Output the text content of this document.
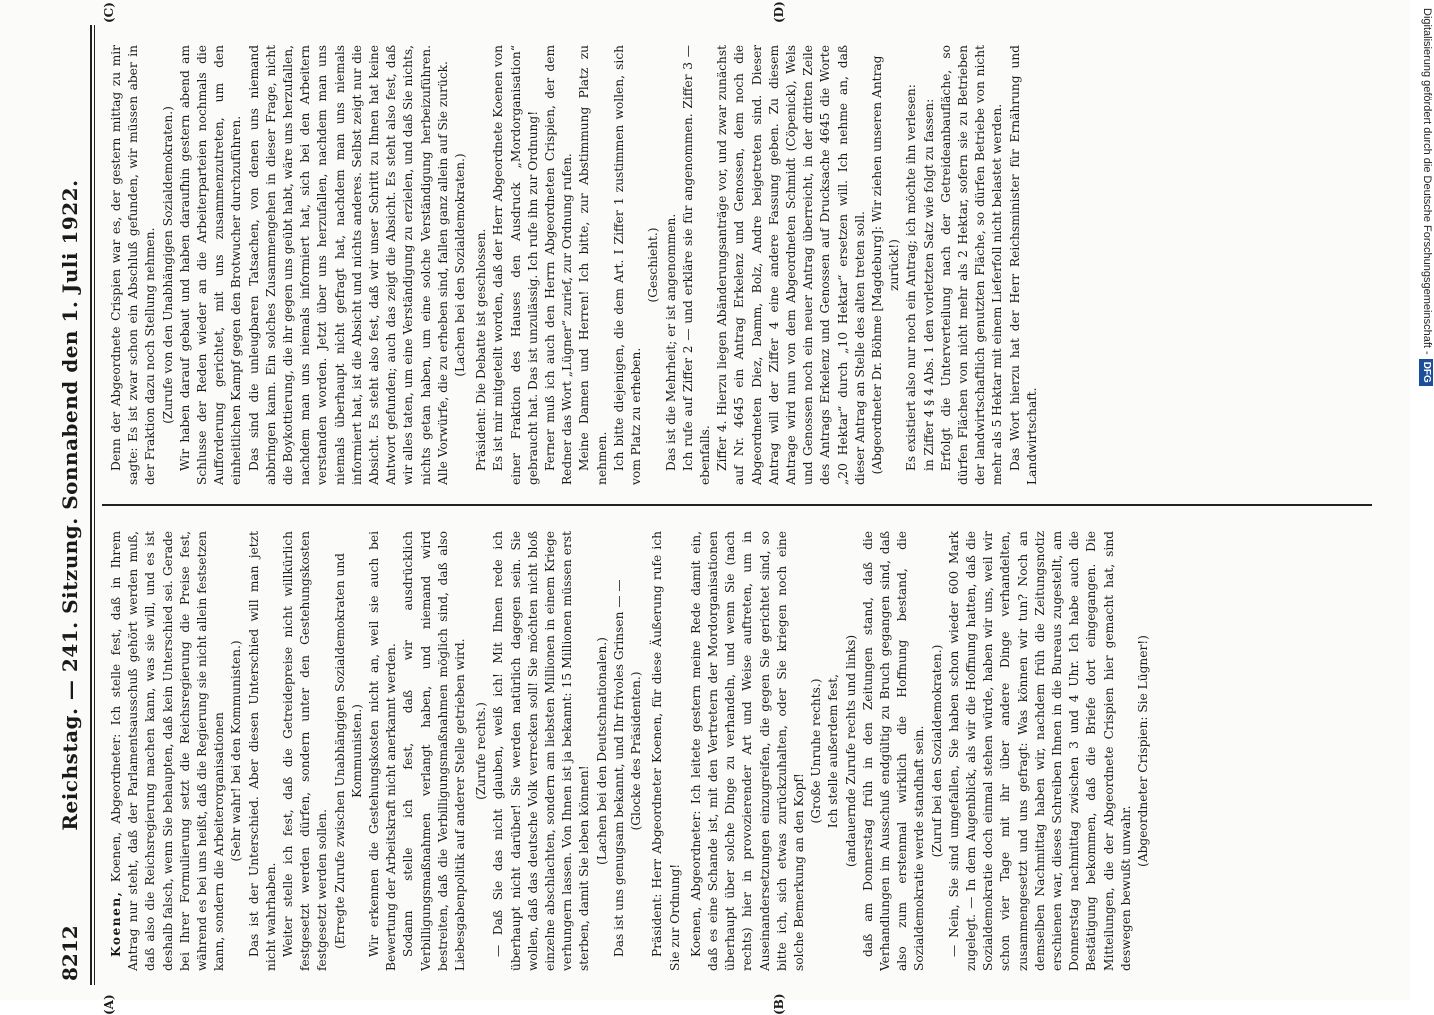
8212
Reichstag. — 241. Sitzung. Sonnabend den 1. Juli 1922.

Koenen, Koenen, Abgeordneter: Ich stelle fest, daß in Ihrem Antrag nur steht, daß der Parlamentsausschuß gehört werden muß, daß also die Reichsregierung machen kann, was sie will, und es ist deshalb falsch, wenn Sie behaupten, daß kein Unterschied sei. Gerade bei Ihrer Formulierung setzt die Reichsregierung die Preise fest, während es bei uns heißt, daß die Regierung sie nicht allein festsetzen kann, sondern die Arbeiterorganisationen (Sehr wahr! bei den Kommunisten.) Das ist der Unterschied. Aber diesen Unterschied will man jetzt nicht wahrhaben. Weiter stelle ich fest, daß die Getreidepreise nicht willkürlich festgesetzt werden dürfen, sondern unter den Gestehungskosten festgesetzt werden sollen. (Erregte Zurufe zwischen Unabhängigen Sozialdemokraten und Kommunisten.) Wir erkennen die Gestehungskosten nicht an, weil sie auch bei Bewertung der Arbeitskraft nicht anerkannt werden. Sodann stelle ich fest, daß wir ausdrücklich Verbilligungsmaßnahmen verlangt haben, und niemand wird bestreiten, daß die Verbilligungsmaßnahmen möglich sind, daß also Liebesgabenpolitik auf anderer Stelle getrieben wird. (Zurufe rechts.) — Daß Sie das nicht glauben, weiß ich! Mit Ihnen rede ich überhaupt nicht darüber! Sie werden natürlich dagegen sein. Sie wollen, daß das deutsche Volk verrecken soll! Sie möchten nicht bloß einzelne abschlachten, sondern am liebsten Millionen in einem Kriege verhungern lassen. Von Ihnen ist ja bekannt: 15 Millionen müssen erst sterben, damit Sie leben können!

(Lachen bei den Deutschnationalen.) Das ist uns genugsam bekannt, und Ihr frivoles Grinsen — — (Glocke des Präsidenten.) Präsident: Herr Abgeordneter Koenen, für diese Äußerung rufe ich Sie zur Ordnung! Koenen, Abgeordneter: Ich leitete gestern meine Rede damit ein, daß es eine Schande ist, mit den Vertretern der Mordorganisationen überhaupt über solche Dinge zu verhandeln, und wenn Sie (nach rechts) hier in provozierender Art und Weise auftreten, um in Auseinandersetzungen einzugreifen, die gegen Sie gerichtet sind, so bitte ich, sich etwas zurückzuhalten, oder Sie kriegen noch eine solche Bemerkung an den Kopf!

(Große Unruhe rechts.) Ich stelle außerdem fest, (andauernde Zurufe rechts und links) daß am Donnerstag früh in den Zeitungen stand, daß die Verhandlungen im Ausschuß endgültig zu Bruch gegangen sind, daß also zum erstenmal wirklich die Hoffnung bestand, die Sozialdemokratie werde standhaft sein. (Zuruf bei den Sozialdemokraten.) — Nein, Sie sind umgefallen, Sie haben schon wieder 600 Mark zugelegt. — In dem Augenblick, als wir die Hoffnung hatten, daß die Sozialdemokratie doch einmal stehen würde, haben wir uns, weil wir schon vier Tage mit ihr über andere Dinge verhandelten, zusammengesetzt und uns gefragt: Was können wir tun? Noch an demselben Nachmittag haben wir, nachdem früh die Zeitungsnotiz erschienen war, dieses Schreiben Ihnen in die Bureaus zugestellt, am Donnerstag nachmittag zwischen 3 und 4 Uhr. Ich habe auch die Bestätigung bekommen, daß die Briefe dort eingegangen. Die Mitteilungen, die der Abgeordnete Crispien hier gemacht hat, sind deswegen bewußt unwahr.

(Abgeordneter Crispien: Sie Lügner!)

Denn der Abgeordnete Crispien war es, der gestern mittag zu mir sagte: Es ist zwar schon ein Abschluß gefunden, wir müssen aber in der Fraktion dazu noch Stellung nehmen. (Zurufe von den Unabhängigen Sozialdemokraten.) Wir haben darauf gebaut und haben daraufhin gestern abend am Schlusse der Reden wieder an die Arbeiterparteien nochmals die Aufforderung gerichtet, mit uns zusammenzutreten, um den einheitlichen Kampf gegen den Brotwucher durchzuführen. Das sind die unleugbaren Tatsachen, von denen uns niemand abbringen kann. Ein solches Zusammengehen in dieser Frage, nicht die Boykottierung, die ihr gegen uns geübt habt, wäre uns herzufallen, nachdem man uns niemals informiert hat, sich bei den Arbeitern verstanden worden. Jetzt über uns herzufallen, nachdem man uns niemals überhaupt nicht gefragt hat, nachdem man uns niemals informiert hat, ist die Absicht und nichts anderes. Selbst zeigt nur die Absicht. Es steht also fest, daß wir unser Schritt zu Ihnen hat keine Antwort gefunden; auch das zeigt die Absicht. Es steht also fest, daß wir alles taten, um eine Verständigung zu erzielen, und daß Sie nichts, nichts getan haben, um eine solche Verständigung herbeizuführen. Alle Vorwürfe, die zu erheben sind, fallen ganz allein auf Sie zurück. (Lachen bei den Sozialdemokraten.) Präsident: Die Debatte ist geschlossen. Es ist mir mitgeteilt worden, daß der Herr Abgeordnete Koenen von einer Fraktion des Hauses den Ausdruck „Mordorganisation“ gebraucht hat. Das ist unzulässig. Ich rufe ihn zur Ordnung! Ferner muß ich auch den Herrn Abgeordneten Crispien, der dem Redner das Wort „Lügner“ zurief, zur Ordnung rufen. Meine Damen und Herren! Ich bitte, zur Abstimmung Platz zu nehmen. Ich bitte diejenigen, die dem Art. I Ziffer 1 zustimmen wollen, sich vom Platz zu erheben.

(Geschieht.) Das ist die Mehrheit; er ist angenommen. Ich rufe auf Ziffer 2 — und erkläre sie für angenommen. Ziffer 3 — ebenfalls. Ziffer 4. Hierzu liegen Abänderungsanträge vor, und zwar zunächst auf Nr. 4645 ein Antrag Erkelenz und Genossen, dem noch die Abgeordneten Diez, Damm, Bolz, Andre beigetreten sind. Dieser Antrag will der Ziffer 4 eine andere Fassung geben. Zu diesem Antrage wird nun von dem Abgeordneten Schmidt (Cöpenick), Wels und Genossen noch ein neuer Antrag überreicht, in der dritten Zeile des Antrags Erkelenz und Genossen auf Drucksache 4645 die Worte „20 Hektar“ durch „10 Hektar“ ersetzen will. Ich nehme an, daß dieser Antrag an Stelle des alten treten soll. (Abgeordneter Dr. Böhme [Magdeburg]: Wir ziehen unseren Antrag zurück!) Es existiert also nur noch ein Antrag; ich möchte ihn verlesen: in Ziffer 4 § 4 Abs. 1 den vorletzten Satz wie folgt zu fassen: Erfolgt die Unterverteilung nach der Getreideanbaufläche, so dürfen Flächen von nicht mehr als 2 Hektar, sofern sie zu Betrieben der landwirtschaftlich genutzten Fläche, so dürfen Betriebe von nicht mehr als 5 Hektar mit einem Lieferfoll nicht belastet werden. Das Wort hierzu hat der Herr Reichsminister für Ernährung und Landwirtschaft.

(A)	(B)
(C)	(D)	Digitalisierung gefördert durch die Deutsche Forschungsgemeinschaft -DFG
